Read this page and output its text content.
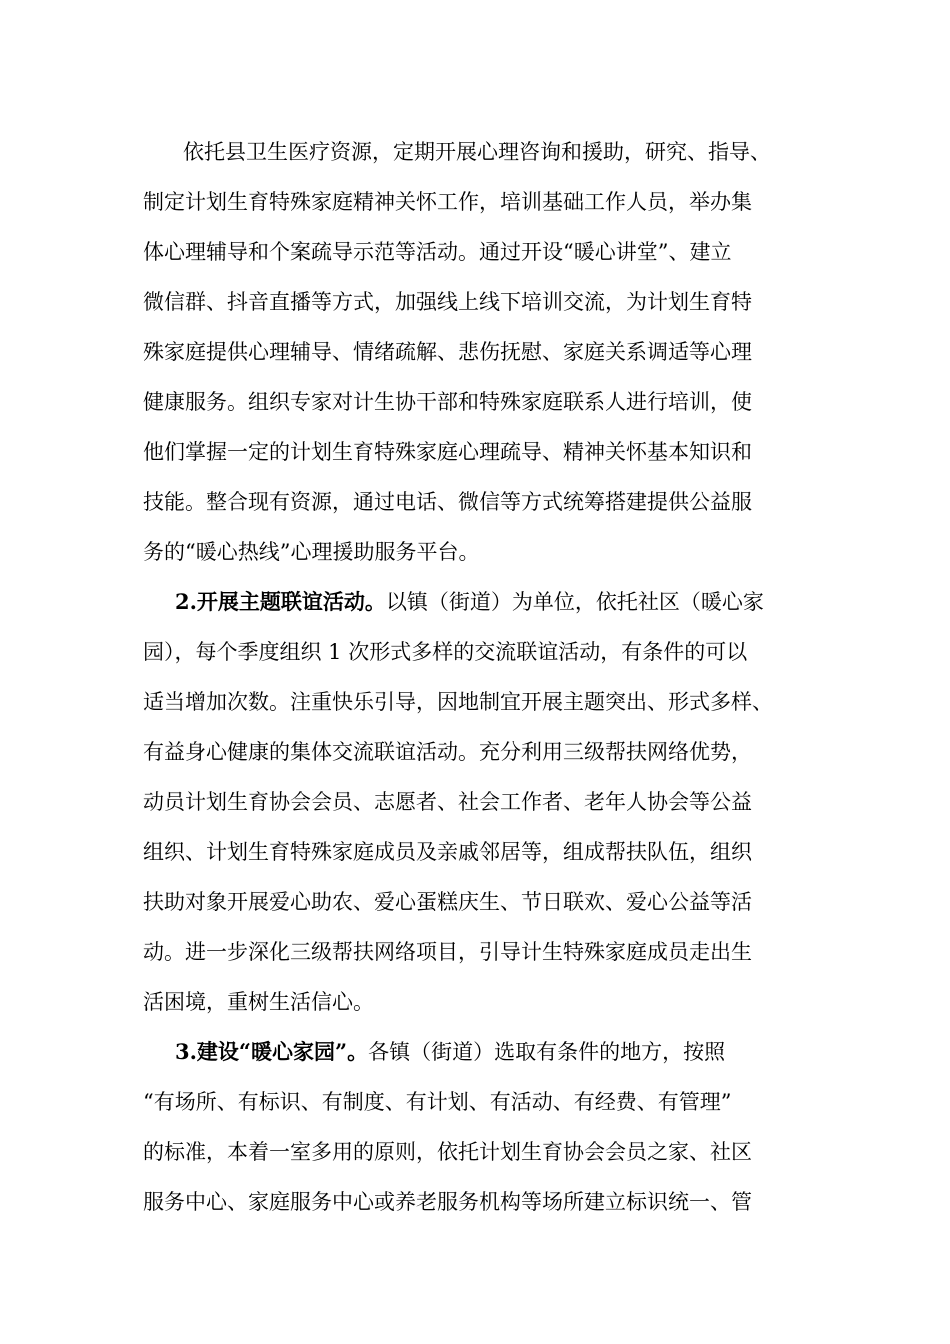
依托县卫生医疗资源，定期开展心理咨询和援助，研究、指导、
制定计划生育特殊家庭精神关怀工作，培训基础工作人员，举办集
体心理辅导和个案疏导示范等活动。通过开设“暖心讲堂”、建立
微信群、抖音直播等方式，加强线上线下培训交流，为计划生育特
殊家庭提供心理辅导、情绪疏解、悲伤抚慰、家庭关系调适等心理
健康服务。组织专家对计生协干部和特殊家庭联系人进行培训，使
他们掌握一定的计划生育特殊家庭心理疏导、精神关怀基本知识和
技能。整合现有资源，通过电话、微信等方式统筹搭建提供公益服
务的“暖心热线”心理援助服务平台。
2.开展主题联谊活动。以镇（街道）为单位，依托社区（暖心家
园），每个季度组织 1 次形式多样的交流联谊活动，有条件的可以
适当增加次数。注重快乐引导，因地制宜开展主题突出、形式多样、
有益身心健康的集体交流联谊活动。充分利用三级帮扶网络优势，
动员计划生育协会会员、志愿者、社会工作者、老年人协会等公益
组织、计划生育特殊家庭成员及亲戚邻居等，组成帮扶队伍，组织
扶助对象开展爱心助农、爱心蛋糕庆生、节日联欢、爱心公益等活
动。进一步深化三级帮扶网络项目，引导计生特殊家庭成员走出生
活困境，重树生活信心。
3.建设“暖心家园”。各镇（街道）选取有条件的地方，按照
“有场所、有标识、有制度、有计划、有活动、有经费、有管理”
的标准，本着一室多用的原则，依托计划生育协会会员之家、社区
服务中心、家庭服务中心或养老服务机构等场所建立标识统一、管
